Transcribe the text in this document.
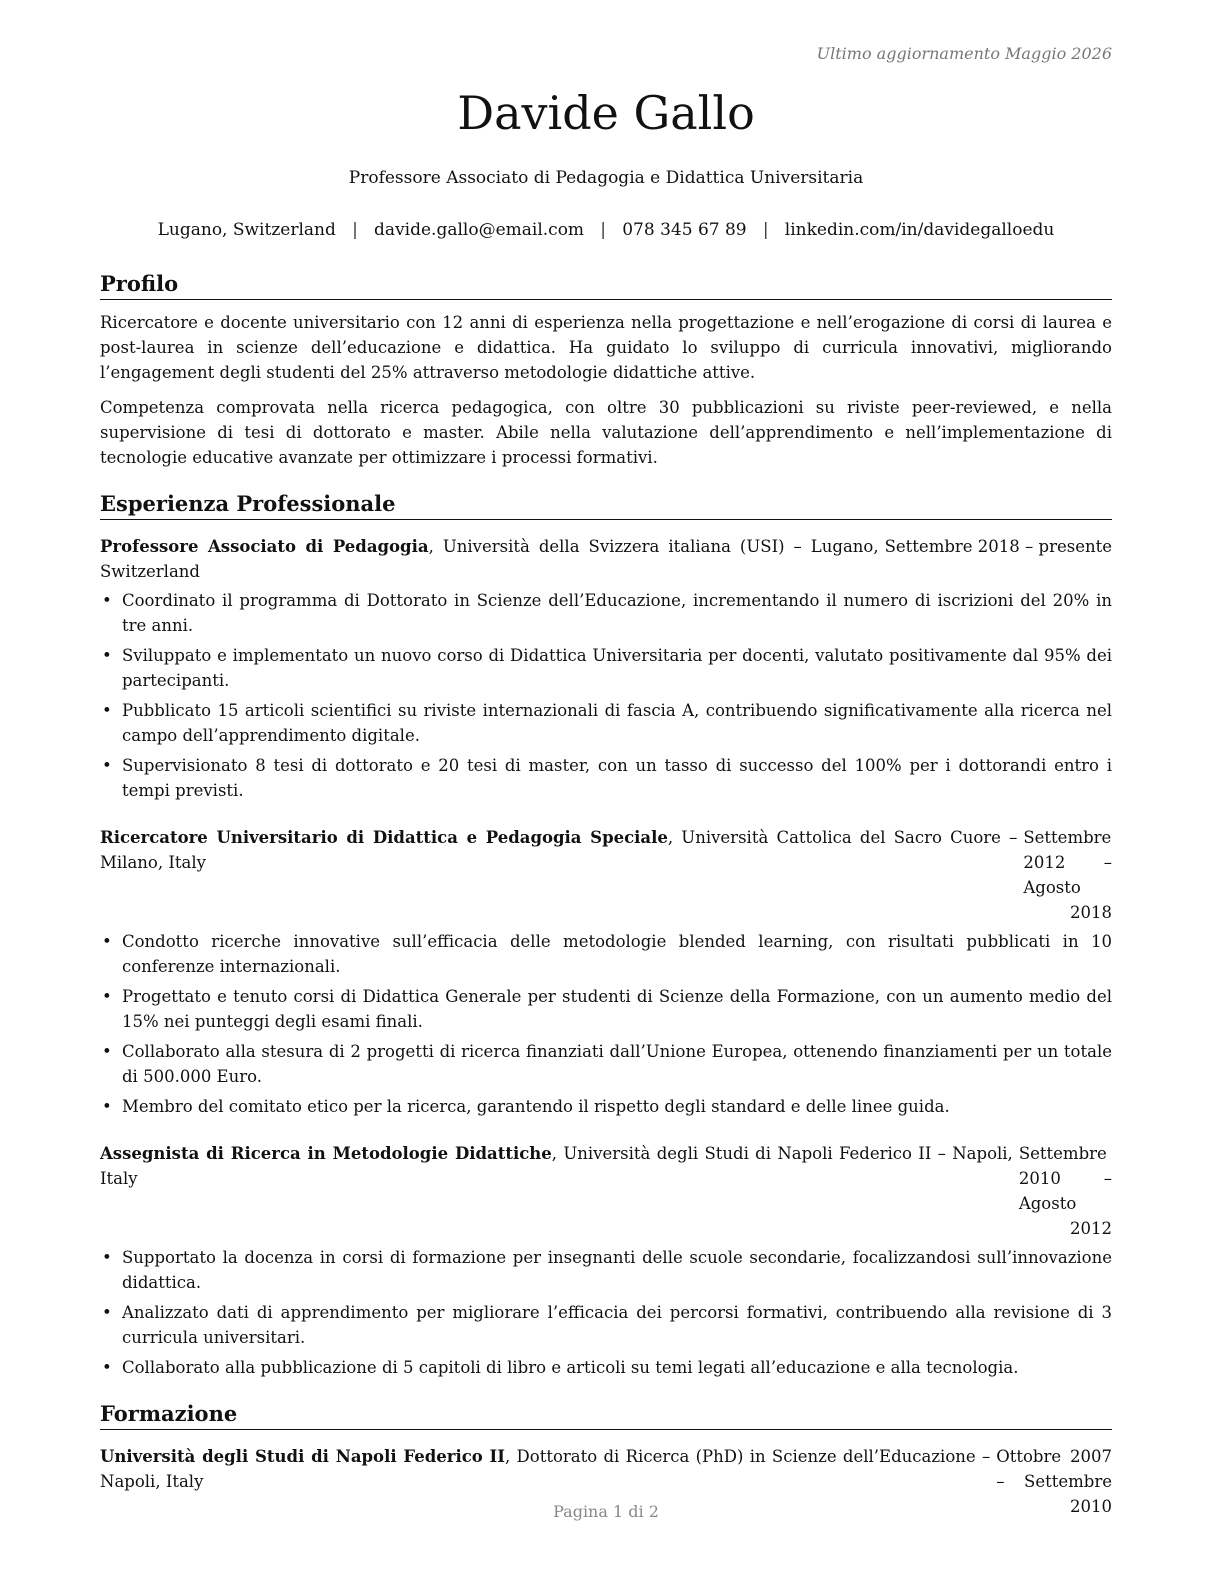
Ultimo aggiornamento Maggio 2026
Davide Gallo
Professore Associato di Pedagogia e Didattica Universitaria
Lugano, Switzerland | davide.gallo@email.com | 078 345 67 89 | linkedin.com/in/davidegalloedu
Profilo

Ricercatore e docente universitario con 12 anni di esperienza nella progettazione e nell’erogazione di corsi di laurea e post-laurea in scienze dell’educazione e didattica. Ha guidato lo sviluppo di curricula innovativi, migliorando l’engagement degli studenti del 25% attraverso metodologie didattiche attive.

Competenza comprovata nella ricerca pedagogica, con oltre 30 pubblicazioni su riviste peer-reviewed, e nella supervisione di tesi di dottorato e master. Abile nella valutazione dell’apprendimento e nell’implementazione di tecnologie educative avanzate per ottimizzare i processi formativi.

Esperienza Professionale
Professore Associato di Pedagogia, Università della Svizzera italiana (USI) – Lugano, Switzerland
Settembre 2018 – presente
• Coordinato il programma di Dottorato in Scienze dell’Educazione, incrementando il numero di iscrizioni del 20% in tre anni.
• Sviluppato e implementato un nuovo corso di Didattica Universitaria per docenti, valutato positivamente dal 95% dei partecipanti.
• Pubblicato 15 articoli scientifici su riviste internazionali di fascia A, contribuendo significativamente alla ricerca nel campo dell’apprendimento digitale.
• Supervisionato 8 tesi di dottorato e 20 tesi di master, con un tasso di successo del 100% per i dottorandi entro i tempi previsti.
Ricercatore Universitario di Didattica e Pedagogia Speciale, Università Cattolica del Sacro Cuore – Milano, Italy
Settembre 2012 – Agosto 2018
• Condotto ricerche innovative sull’efficacia delle metodologie blended learning, con risultati pubblicati in 10 conferenze internazionali.
• Progettato e tenuto corsi di Didattica Generale per studenti di Scienze della Formazione, con un aumento medio del 15% nei punteggi degli esami finali.
• Collaborato alla stesura di 2 progetti di ricerca finanziati dall’Unione Europea, ottenendo finanziamenti per un totale di 500.000 Euro.
• Membro del comitato etico per la ricerca, garantendo il rispetto degli standard e delle linee guida.
Assegnista di Ricerca in Metodologie Didattiche, Università degli Studi di Napoli Federico II – Napoli, Italy
Settembre 2010 – Agosto 2012
• Supportato la docenza in corsi di formazione per insegnanti delle scuole secondarie, focalizzandosi sull’innovazione didattica.
• Analizzato dati di apprendimento per migliorare l’efficacia dei percorsi formativi, contribuendo alla revisione di 3 curricula universitari.
• Collaborato alla pubblicazione di 5 capitoli di libro e articoli su temi legati all’educazione e alla tecnologia.
Formazione
Università degli Studi di Napoli Federico II, Dottorato di Ricerca (PhD) in Scienze dell’Educazione – Napoli, Italy
Ottobre 2007 – Settembre 2010
Pagina 1 di 2
